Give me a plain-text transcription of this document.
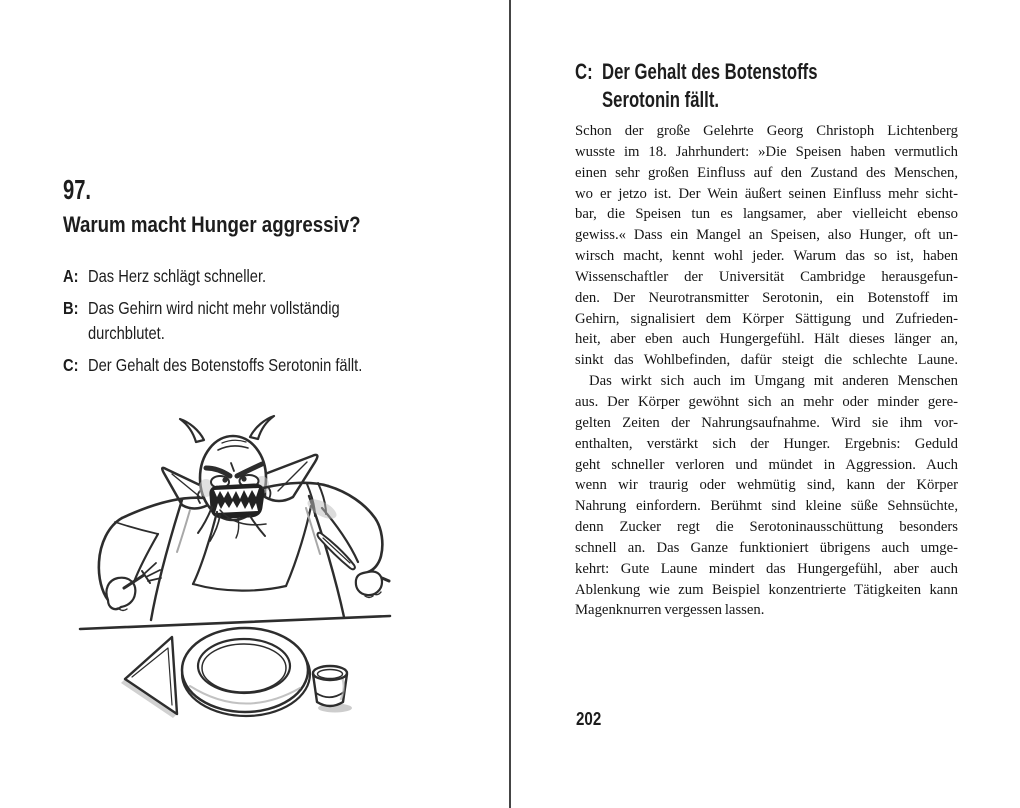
97.
Warum macht Hunger aggressiv?
A: Das Herz schlägt schneller.
B: Das Gehirn wird nicht mehr vollständig
durchblutet.
C: Der Gehalt des Botenstoffs Serotonin fällt.
C: Der Gehalt des Botenstoffs
Serotonin fällt.
Schon der große Gelehrte Georg Christoph Lichtenberg
wusste im 18. Jahrhundert: »Die Speisen haben vermutlich
einen sehr großen Einfluss auf den Zustand des Menschen,
wo er jetzo ist. Der Wein äußert seinen Einfluss mehr sicht-
bar, die Speisen tun es langsamer, aber vielleicht ebenso
gewiss.« Dass ein Mangel an Speisen, also Hunger, oft un-
wirsch macht, kennt wohl jeder. Warum das so ist, haben
Wissenschaftler der Universität Cambridge herausgefun-
den. Der Neurotransmitter Serotonin, ein Botenstoff im
Gehirn, signalisiert dem Körper Sättigung und Zufrieden-
heit, aber eben auch Hungergefühl. Hält dieses länger an,
sinkt das Wohlbefinden, dafür steigt die schlechte Laune.
Das wirkt sich auch im Umgang mit anderen Menschen
aus. Der Körper gewöhnt sich an mehr oder minder gere-
gelten Zeiten der Nahrungsaufnahme. Wird sie ihm vor-
enthalten, verstärkt sich der Hunger. Ergebnis: Geduld
geht schneller verloren und mündet in Aggression. Auch
wenn wir traurig oder wehmütig sind, kann der Körper
Nahrung einfordern. Berühmt sind kleine süße Sehnsüchte,
denn Zucker regt die Serotoninausschüttung besonders
schnell an. Das Ganze funktioniert übrigens auch umge-
kehrt: Gute Laune mindert das Hungergefühl, aber auch
Ablenkung wie zum Beispiel konzentrierte Tätigkeiten kann
Magenknurren vergessen lassen.
202
